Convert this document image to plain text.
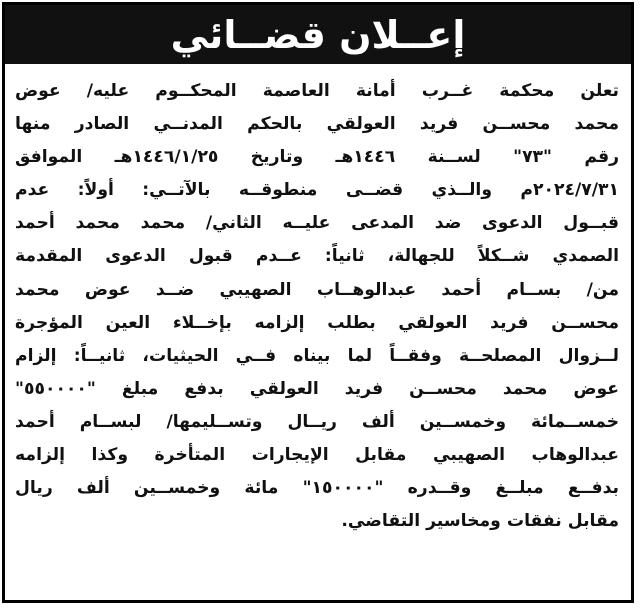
إعــلان قضــائي
تعلن محكمة غــرب أمانة العاصمة المحكــوم عليه/ عوض
محمد محســن فريد العولقي بالحكم المدنــي الصادر منها
رقم "٧٣" لســنة ١٤٤٦هـ وتاريخ ١٤٤٦/١/٢٥هـ الموافق
٢٠٢٤/٧/٣١م والــذي قضــى منطوقــه بالآتــي: أولاً: عدم
قبــول الدعوى ضد المدعى عليــه الثاني/ محمد محمد أحمد
الصمدي شــكلاً للجهالة، ثانياً: عــدم قبول الدعوى المقدمة
من/ بســام أحمد عبدالوهــاب الصهيبي ضــد عوض محمد
محســن فريد العولقي بطلب إلزامه بإخــلاء العين المؤجرة
لــزوال المصلحــة وفقــاً لما بيناه فــي الحيثيات، ثانيــاً: إلزام
عوض محمد محســن فريد العولقي بدفع مبلغ "٥٥٠٠٠٠"
خمســمائة وخمســين ألف ريــال وتســليمها/ لبســام أحمد
عبدالوهاب الصهيبي مقابل الإيجارات المتأخرة وكذا إلزامه
بدفــع مبلــغ وقــدره "١٥٠٠٠٠" مائة وخمســين ألف ريال
مقابل نفقات ومخاسير التقاضي.
